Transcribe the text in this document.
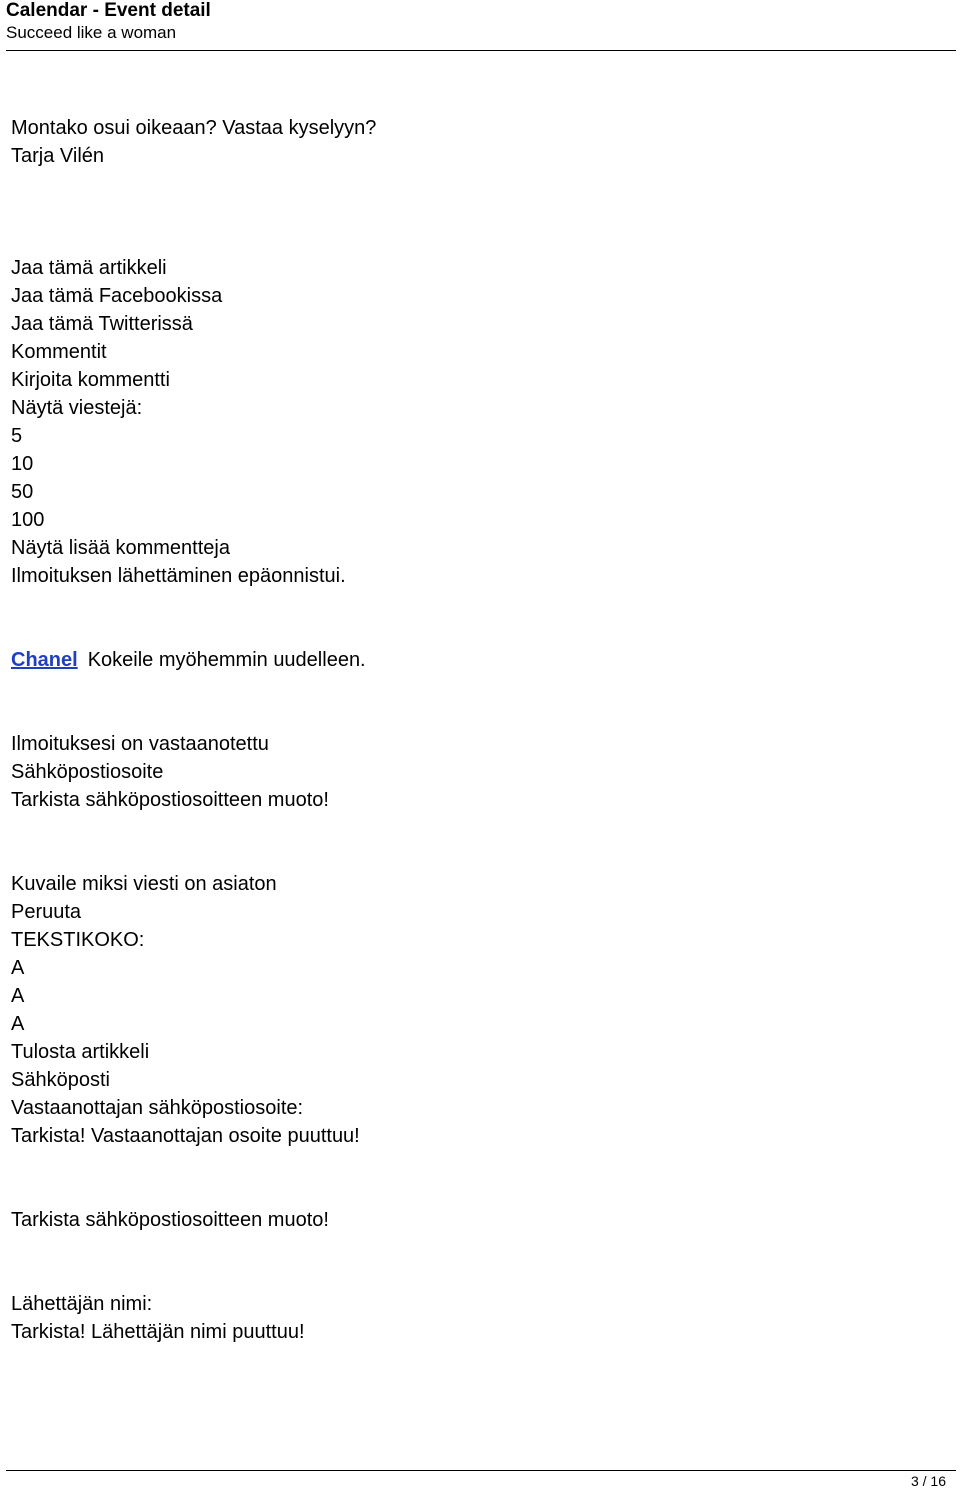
Calendar - Event detail
Succeed like a woman
Montako osui oikeaan? Vastaa kyselyyn?
Tarja Vilén
Jaa tämä artikkeli
Jaa tämä Facebookissa
Jaa tämä Twitterissä
Kommentit
Kirjoita kommentti
Näytä viestejä:
5
10
50
100
Näytä lisää kommentteja
Ilmoituksen lähettäminen epäonnistui.
Chanel Kokeile myöhemmin uudelleen.
Ilmoituksesi on vastaanotettu
Sähköpostiosoite
Tarkista sähköpostiosoitteen muoto!
Kuvaile miksi viesti on asiaton
Peruuta
TEKSTIKOKO:
A
A
A
Tulosta artikkeli
Sähköposti
Vastaanottajan sähköpostiosoite:
Tarkista! Vastaanottajan osoite puuttuu!
Tarkista sähköpostiosoitteen muoto!
Lähettäjän nimi:
Tarkista! Lähettäjän nimi puuttuu!
3 / 16
